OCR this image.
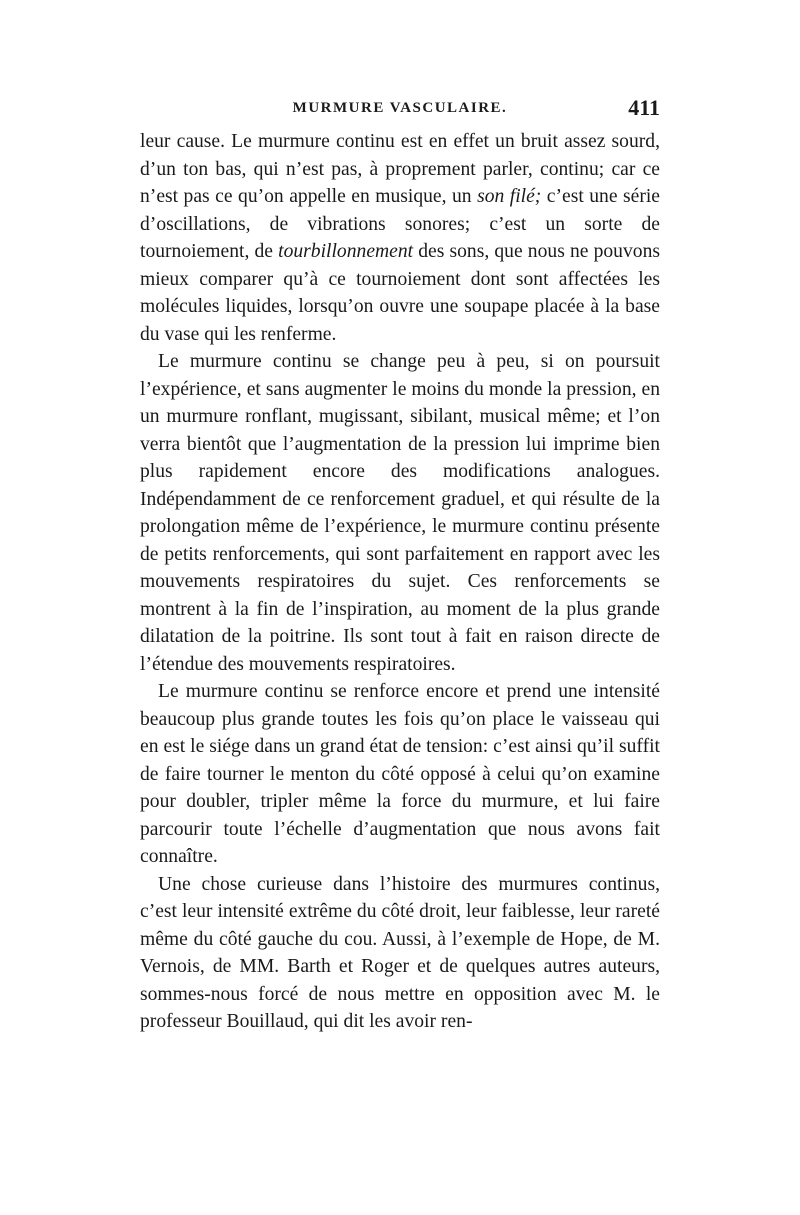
MURMURE VASCULAIRE.	411

leur cause. Le murmure continu est en effet un bruit assez sourd, d’un ton bas, qui n’est pas, à proprement parler, continu; car ce n’est pas ce qu’on appelle en musique, un son filé; c’est une série d’oscillations, de vibrations sonores; c’est un sorte de tournoiement, de tourbillonnement des sons, que nous ne pouvons mieux comparer qu’à ce tournoiement dont sont affectées les molécules liquides, lorsqu’on ouvre une soupape placée à la base du vase qui les renferme.

Le murmure continu se change peu à peu, si on poursuit l’expérience, et sans augmenter le moins du monde la pression, en un murmure ronflant, mugissant, sibilant, musical même; et l’on verra bientôt que l’augmentation de la pression lui imprime bien plus rapidement encore des modifications analogues. Indépendamment de ce renforcement graduel, et qui résulte de la prolongation même de l’expérience, le murmure continu présente de petits renforcements, qui sont parfaitement en rapport avec les mouvements respiratoires du sujet. Ces renforcements se montrent à la fin de l’inspiration, au moment de la plus grande dilatation de la poitrine. Ils sont tout à fait en raison directe de l’étendue des mouvements respiratoires.

Le murmure continu se renforce encore et prend une intensité beaucoup plus grande toutes les fois qu’on place le vaisseau qui en est le siége dans un grand état de tension: c’est ainsi qu’il suffit de faire tourner le menton du côté opposé à celui qu’on examine pour doubler, tripler même la force du murmure, et lui faire parcourir toute l’échelle d’augmentation que nous avons fait connaître.

Une chose curieuse dans l’histoire des murmures continus, c’est leur intensité extrême du côté droit, leur faiblesse, leur rareté même du côté gauche du cou. Aussi, à l’exemple de Hope, de M. Vernois, de MM. Barth et Roger et de quelques autres auteurs, sommes-nous forcé de nous mettre en opposition avec M. le professeur Bouillaud, qui dit les avoir ren-
